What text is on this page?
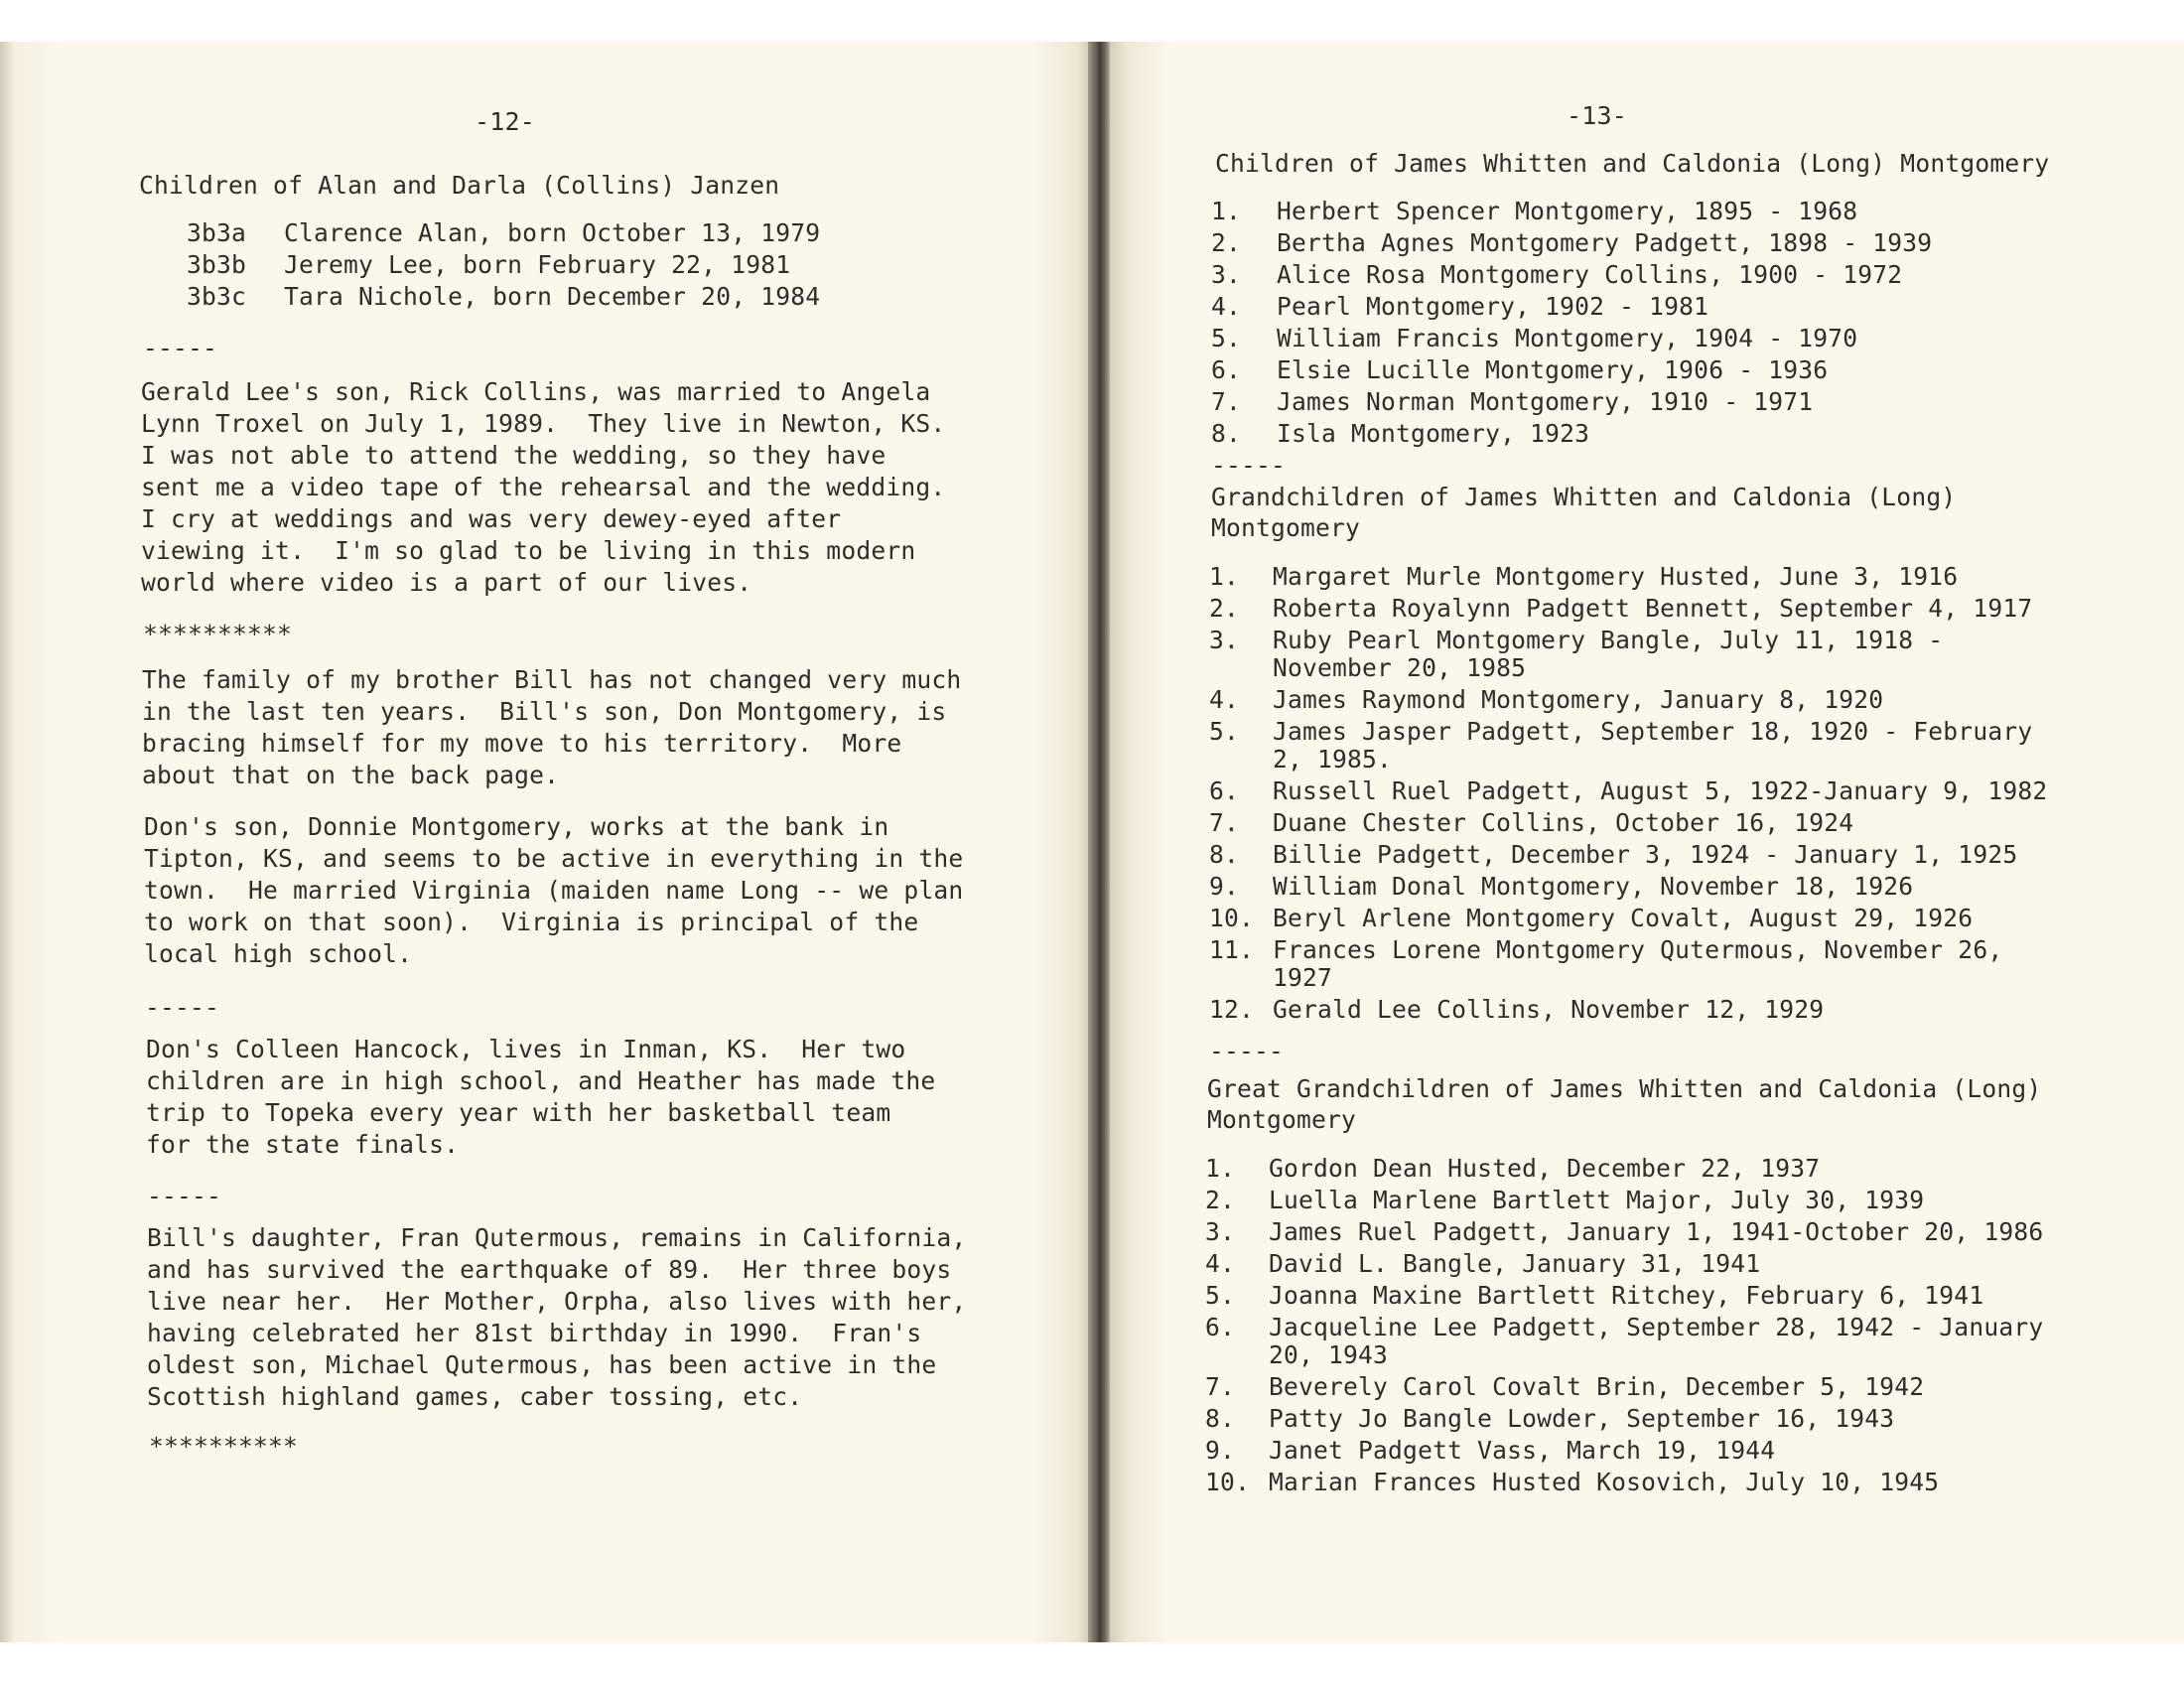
-12-
Children of Alan and Darla (Collins) Janzen
-13-
3b3a Clarence Alan, born October 13, 1979
3b3b Jeremy Lee, born February 22, 1981
3b3c Tara Nichole, born December 20, 1984
-----
Gerald Lee's son, Rick Collins, was married to Angela
Lynn Troxel on July 1, 1989.  They live in Newton, KS.
I was not able to attend the wedding, so they have
sent me a video tape of the rehearsal and the wedding.
I cry at weddings and was very dewey-eyed after
viewing it.  I'm so glad to be living in this modern
world where video is a part of our lives.
**********
The family of my brother Bill has not changed very much
in the last ten years.  Bill's son, Don Montgomery, is
bracing himself for my move to his territory.  More
about that on the back page.
Don's son, Donnie Montgomery, works at the bank in
Tipton, KS, and seems to be active in everything in the
town.  He married Virginia (maiden name Long -- we plan
to work on that soon).  Virginia is principal of the
local high school.
-----
Don's Colleen Hancock, lives in Inman, KS.  Her two
children are in high school, and Heather has made the
trip to Topeka every year with her basketball team
for the state finals.
-----
Bill's daughter, Fran Qutermous, remains in California,
and has survived the earthquake of 89.  Her three boys
live near her.  Her Mother, Orpha, also lives with her,
having celebrated her 81st birthday in 1990.  Fran's
oldest son, Michael Qutermous, has been active in the
Scottish highland games, caber tossing, etc.
**********
Children of James Whitten and Caldonia (Long) Montgomery
1. Herbert Spencer Montgomery, 1895 - 1968
2. Bertha Agnes Montgomery Padgett, 1898 - 1939
3. Alice Rosa Montgomery Collins, 1900 - 1972
4. Pearl Montgomery, 1902 - 1981
5. William Francis Montgomery, 1904 - 1970
6. Elsie Lucille Montgomery, 1906 - 1936
7. James Norman Montgomery, 1910 - 1971
8. Isla Montgomery, 1923
-----
Grandchildren of James Whitten and Caldonia (Long)
Montgomery
1. Margaret Murle Montgomery Husted, June 3, 1916
2. Roberta Royalynn Padgett Bennett, September 4, 1917
3. Ruby Pearl Montgomery Bangle, July 11, 1918 -
November 20, 1985
4. James Raymond Montgomery, January 8, 1920
5. James Jasper Padgett, September 18, 1920 - February
2, 1985.
6. Russell Ruel Padgett, August 5, 1922-January 9, 1982
7. Duane Chester Collins, October 16, 1924
8. Billie Padgett, December 3, 1924 - January 1, 1925
9. William Donal Montgomery, November 18, 1926
10. Beryl Arlene Montgomery Covalt, August 29, 1926
11. Frances Lorene Montgomery Qutermous, November 26,
1927
12. Gerald Lee Collins, November 12, 1929
-----
Great Grandchildren of James Whitten and Caldonia (Long)
Montgomery
1. Gordon Dean Husted, December 22, 1937
2. Luella Marlene Bartlett Major, July 30, 1939
3. James Ruel Padgett, January 1, 1941-October 20, 1986
4. David L. Bangle, January 31, 1941
5. Joanna Maxine Bartlett Ritchey, February 6, 1941
6. Jacqueline Lee Padgett, September 28, 1942 - January
20, 1943
7. Beverely Carol Covalt Brin, December 5, 1942
8. Patty Jo Bangle Lowder, September 16, 1943
9. Janet Padgett Vass, March 19, 1944
10. Marian Frances Husted Kosovich, July 10, 1945
